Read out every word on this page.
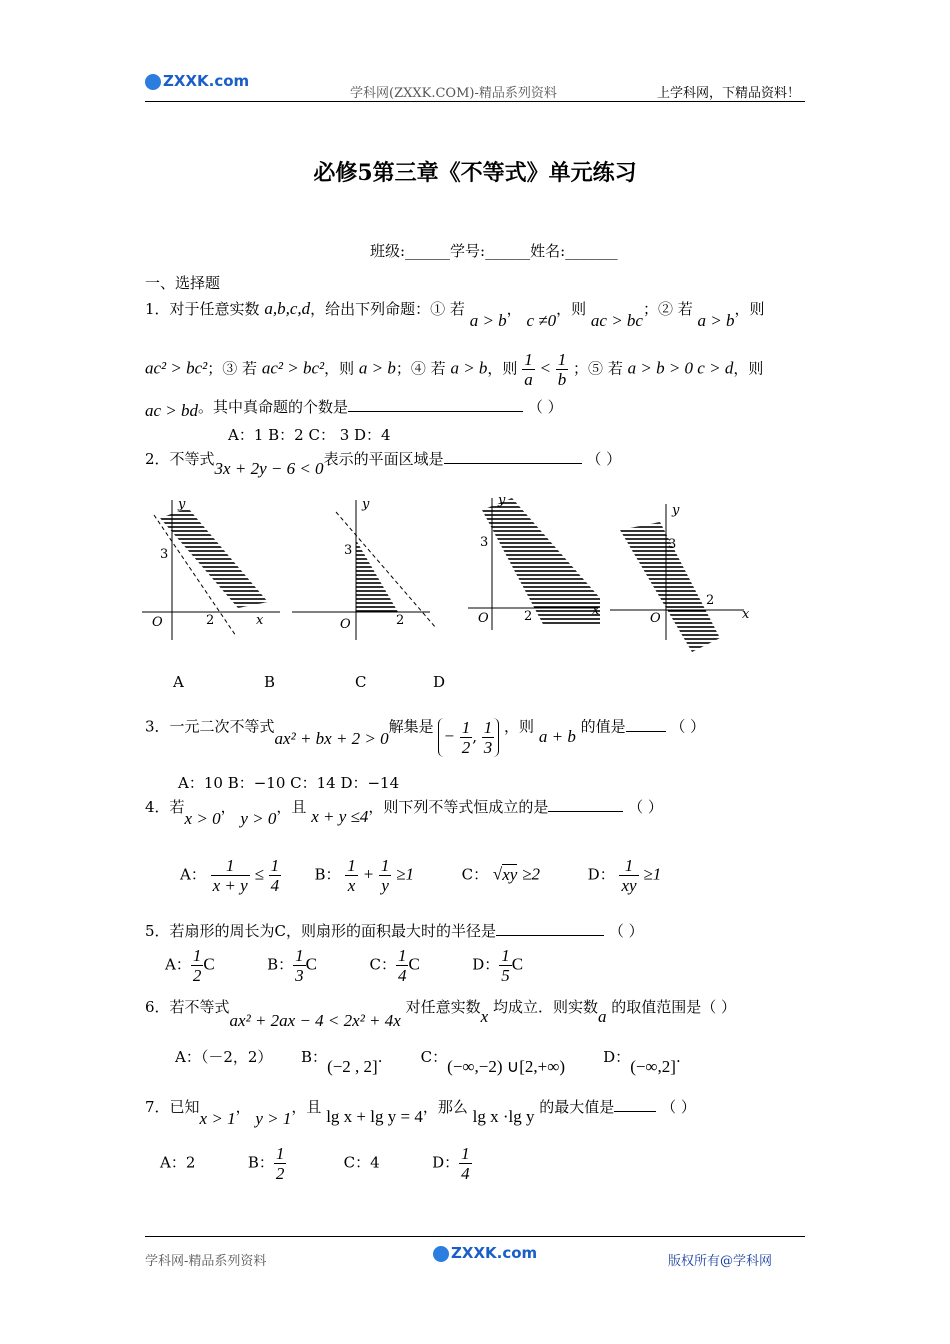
ZXXK.com
学科网(ZXXK.COM)-精品系列资料	上学科网，下精品资料！
必修5第三章《不等式》单元练习
班级:______学号:______姓名:_______
一、选择题
1．对于任意实数 a,b,c,d，给出下列命题：① 若 a > b， c ≠0，则 ac > bc；② 若 a > b，则
ac² > bc²；③ 若 ac² > bc²，则 a > b；④ 若 a > b，则 $\frac{1}{a} < \frac{1}{b}$ ；⑤ 若 a > b > 0 c > d，则
ac > bd。其中真命题的个数是	（ ）
A：1 B：2 C： 3 D：4
2．不等式3x + 2y − 6 < 0表示的平面区域是	（ ）
y
x
O
3
2
y
O
3
2
y
x
O
3
2
y
x
O
3
2
A	B	C	D
3．一元二次不等式ax² + bx + 2 > 0解集是 − $\frac{1}{2}$ , $\frac{1}{3}$ ，则 a + b 的值是	（ ）
A：10 B：−10 C：14 D：−14
4．若x > 0， y > 0，且 x + y ≤4，则下列不等式恒成立的是	（ ）
A： $\frac{1}{x + y} \le \frac{1}{4}$ B： $\frac{1}{x} + \frac{1}{y} \ge 1$	C： √xy ≥2	D： $\frac{1}{xy} \ge 1$
5．若扇形的周长为C，则扇形的面积最大时的半径是	（ ）
A： $\frac{1}{2}$ C	B： $\frac{1}{3}$ C	C： $\frac{1}{4}$ C	D： $\frac{1}{5}$ C
6．若不等式ax² + 2ax − 4 < 2x² + 4x 对任意实数x 均成立．则实数a 的取值范围是（ ）
A：（－2，2） B：(−2 , 2].	C：(−∞,−2) ∪[2,+∞)	D：(−∞,2].
7．已知x > 1， y > 1，且 lg x + lg y = 4，那么 lg x ·lg y 的最大值是	（ ）
A：2	B： $\frac{1}{2}$	C：4	D： $\frac{1}{4}$
学科网-精品系列资料	ZXXK.com	版权所有@学科网
